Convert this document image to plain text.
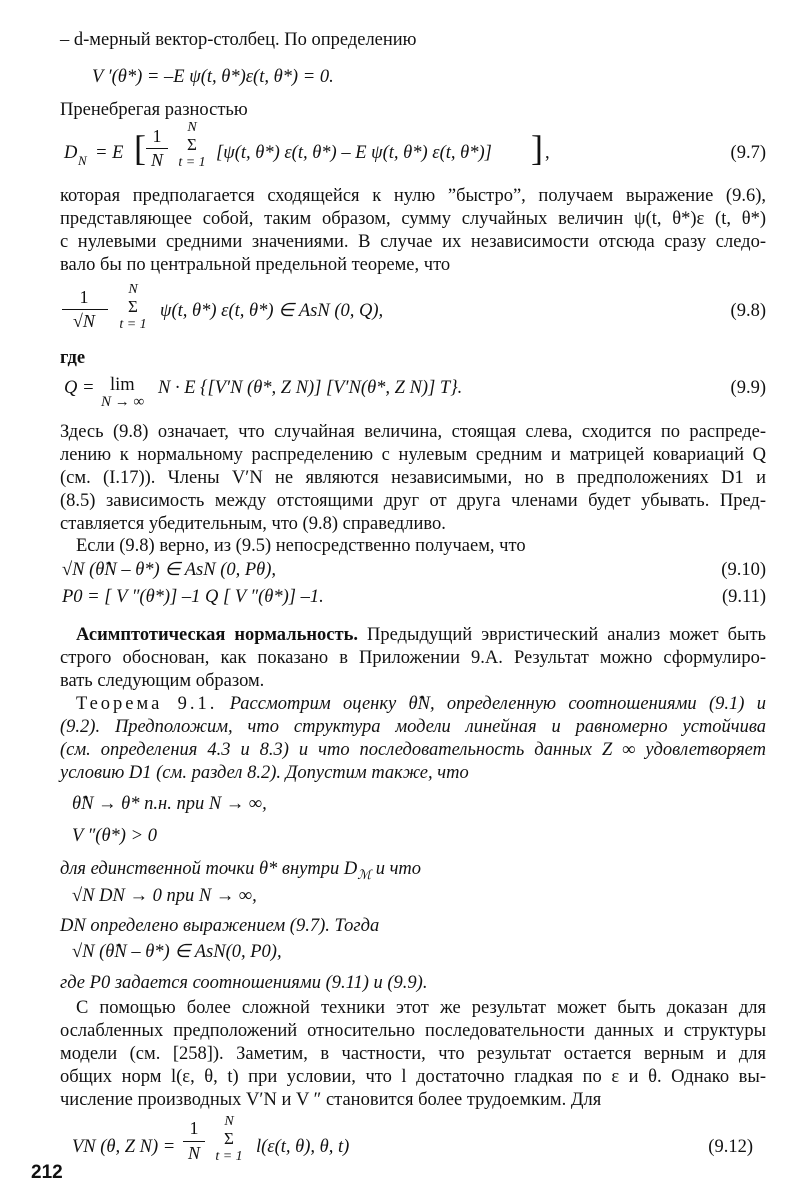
– d-мерный вектор-столбец. По определению
V ′(θ*) = –E ψ(t, θ*)ε(t, θ*) = 0.
Пренебрегая разностью
D N = E [ 1
N
N
Σ
t = 1 [ψ(t, θ*) ε(t, θ*) – E ψ(t, θ*) ε(t, θ*)] ] ,	(9.7)
которая предполагается сходящейся к нулю ”быстро”, получаем выражение (9.6),
представляющее собой, таким образом, сумму случайных величин ψ(t, θ*)ε (t, θ*)
с нулевыми средними значениями. В случае их независимости отсюда сразу следо-
вало бы по центральной предельной теореме, что
1
√N
N
Σ
t = 1
ψ(t, θ*) ε(t, θ*) ∈ AsN (0, Q),	(9.8)
где
Q = lim
N → ∞
N · E {[V′N (θ*, Z N)] [V′N(θ*, Z N)] T}.	(9.9)
Здесь (9.8) означает, что случайная величина, стоящая слева, сходится по распреде-
лению к нормальному распределению с нулевым средним и матрицей ковариаций Q
(см. (I.17)). Члены V′N не являются независимыми, но в предположениях D1 и
(8.5) зависимость между отстоящими друг от друга членами будет убывать. Пред-
ставляется убедительным, что (9.8) справедливо.
Если (9.8) верно, из (9.5) непосредственно получаем, что
√N (θ̂N – θ*) ∈ AsN (0, Pθ),	(9.10)
P0 = [ V ″(θ*)] –1 Q [ V ″(θ*)] –1.	(9.11)
Асимптотическая нормальность. Предыдущий эвристический анализ может быть
строго обоснован, как показано в Приложении 9.А. Результат можно сформулиро-
вать следующим образом.
Теорема 9.1. Рассмотрим оценку θ̂N, определенную соотношениями (9.1) и
(9.2). Предположим, что структура модели линейная и равномерно устойчива
(см. определения 4.3 и 8.3) и что последовательность данных Z ∞ удовлетворяет
условию D1 (см. раздел 8.2). Допустим также, что
θ̂N → θ* п.н. при N → ∞,
V ″(θ*) > 0
для единственной точки θ* внутри $D_ℳ$ и что
√N DN → 0 при N → ∞,
DN определено выражением (9.7). Тогда
√N (θ̂N – θ*) ∈ AsN(0, P0),
где P0 задается соотношениями (9.11) и (9.9).
С помощью более сложной техники этот же результат может быть доказан для
ослабленных предположений относительно последовательности данных и структуры
модели (см. [258]). Заметим, в частности, что результат остается верным и для
общих норм l(ε, θ, t) при условии, что l достаточно гладкая по ε и θ. Однако вы-
числение производных V′N и V ″ становится более трудоемким. Для
VN (θ, Z N) =
1
N
N
Σ
t = 1 l(ε(t, θ), θ, t)	(9.12)
212
